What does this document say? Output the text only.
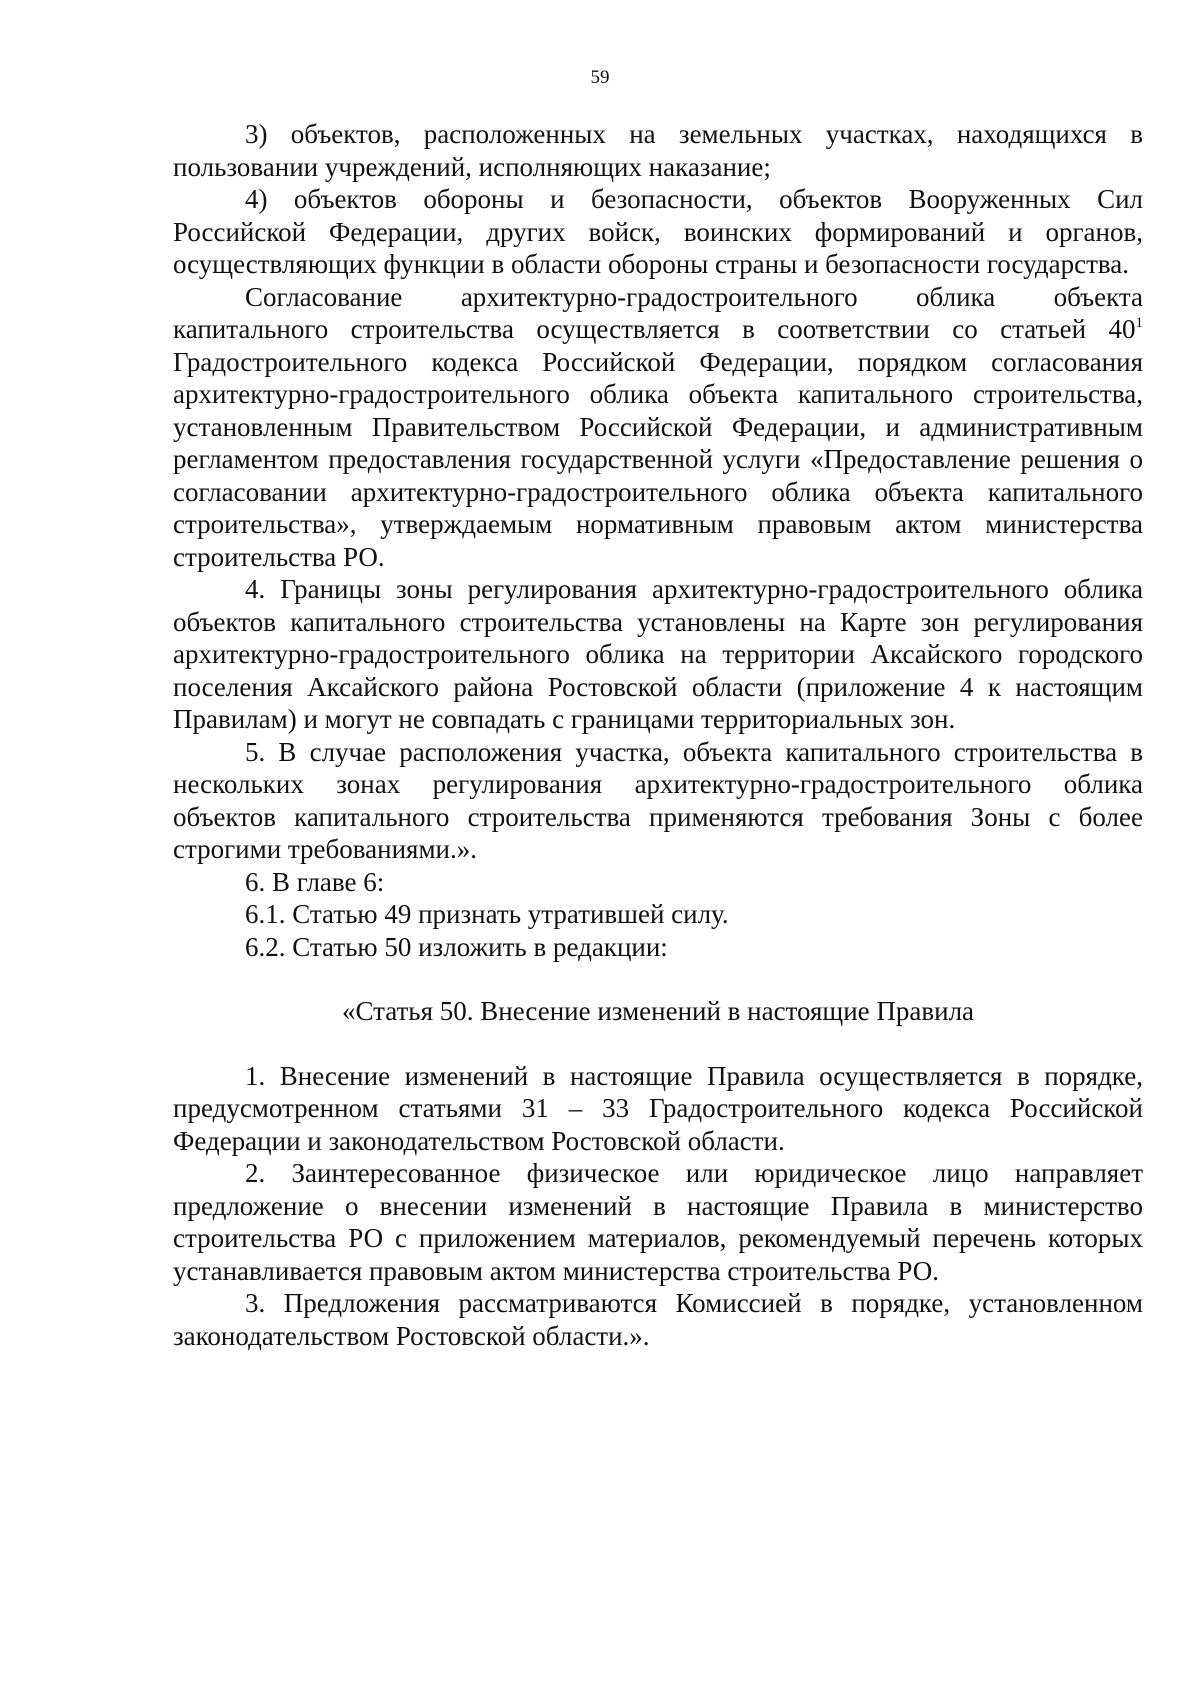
59

3) объектов, расположенных на земельных участках, находящихся в пользовании учреждений, исполняющих наказание;

4) объектов обороны и безопасности, объектов Вооруженных Сил Российской Федерации, других войск, воинских формирований и органов, осуществляющих функции в области обороны страны и безопасности государства.

Согласование архитектурно-градостроительного облика объекта капитального строительства осуществляется в соответствии со статьей $40^1$ Градостроительного кодекса Российской Федерации, порядком согласования архитектурно-градостроительного облика объекта капитального строительства, установленным Правительством Российской Федерации, и административным регламентом предоставления государственной услуги «Предоставление решения о согласовании архитектурно-градостроительного облика объекта капитального строительства», утверждаемым нормативным правовым актом министерства строительства РО.

4. Границы зоны регулирования архитектурно-градостроительного облика объектов капитального строительства установлены на Карте зон регулирования архитектурно-градостроительного облика на территории Аксайского городского поселения Аксайского района Ростовской области (приложение 4 к настоящим Правилам) и могут не совпадать с границами территориальных зон.

5. В случае расположения участка, объекта капитального строительства в нескольких зонах регулирования архитектурно-градостроительного облика объектов капитального строительства применяются требования Зоны с более строгими требованиями.».

6. В главе 6:

6.1. Статью 49 признать утратившей силу.

6.2. Статью 50 изложить в редакции:

«Статья 50. Внесение изменений в настоящие Правила

1. Внесение изменений в настоящие Правила осуществляется в порядке, предусмотренном статьями 31 – 33 Градостроительного кодекса Российской Федерации и законодательством Ростовской области.

2. Заинтересованное физическое или юридическое лицо направляет предложение о внесении изменений в настоящие Правила в министерство строительства РО с приложением материалов, рекомендуемый перечень которых устанавливается правовым актом министерства строительства РО.

3. Предложения рассматриваются Комиссией в порядке, установленном законодательством Ростовской области.».
